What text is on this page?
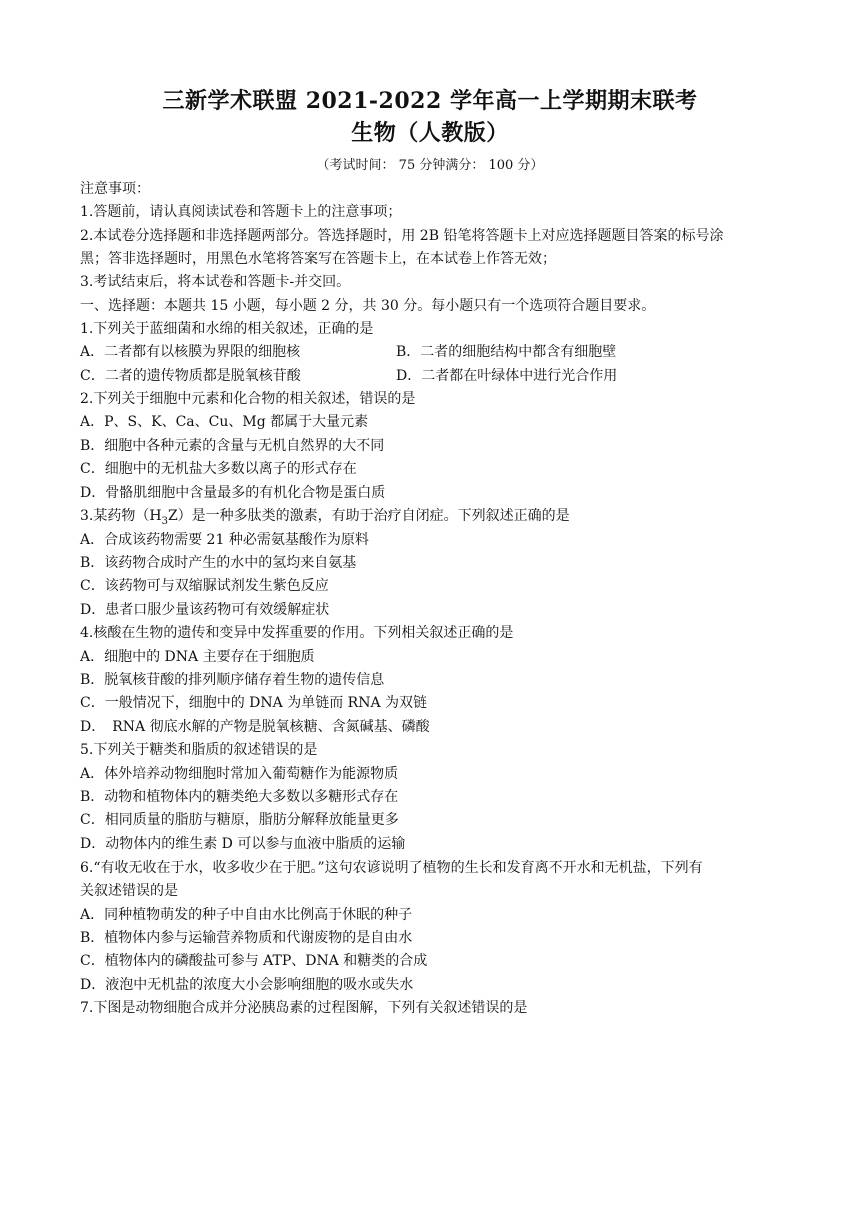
三新学术联盟 2021-2022 学年高一上学期期末联考
生物（人教版）
（考试时间： 75 分钟满分： 100 分）
注意事项：
1.答题前，请认真阅读试卷和答题卡上的注意事项；
2.本试卷分选择题和非选择题两部分。答选择题时，用 2B 铅笔将答题卡上对应选择题题目答案的标号涂
黑；答非选择题时，用黑色水笔将答案写在答题卡上，在本试卷上作答无效；
3.考试结束后，将本试卷和答题卡-并交回。
一、选择题：本题共 15 小题，每小题 2 分，共 30 分。每小题只有一个选项符合题目要求。
1.下列关于蓝细菌和水绵的相关叙述，正确的是
A．二者都有以核膜为界限的细胞核	B．二者的细胞结构中都含有细胞壁
C．二者的遗传物质都是脱氧核苷酸	D．二者都在叶绿体中进行光合作用
2.下列关于细胞中元素和化合物的相关叙述，错误的是
A．P、S、K、Ca、Cu、Mg 都属于大量元素
B．细胞中各种元素的含量与无机自然界的大不同
C．细胞中的无机盐大多数以离子的形式存在
D．骨骼肌细胞中含量最多的有机化合物是蛋白质
3.某药物$(H_3Z)$是一种多肽类的激素，有助于治疗自闭症。下列叙述正确的是
A．合成该药物需要 21 种必需氨基酸作为原料
B．该药物合成时产生的水中的氢均来自氨基
C．该药物可与双缩脲试剂发生紫色反应
D．患者口服少量该药物可有效缓解症状
4.核酸在生物的遗传和变异中发挥重要的作用。下列相关叙述正确的是
A．细胞中的 DNA 主要存在于细胞质
B．脱氧核苷酸的排列顺序储存着生物的遗传信息
C．一般情况下，细胞中的 DNA 为单链而 RNA 为双链
D．　RNA 彻底水解的产物是脱氧核糖、含氮碱基、磷酸
5.下列关于糖类和脂质的叙述错误的是
A．体外培养动物细胞时常加入葡萄糖作为能源物质
B．动物和植物体内的糖类绝大多数以多糖形式存在
C．相同质量的脂肪与糖原，脂肪分解释放能量更多
D．动物体内的维生素 D 可以参与血液中脂质的运输
6.“有收无收在于水，收多收少在于肥。”这句农谚说明了植物的生长和发育离不开水和无机盐，下列有
关叙述错误的是
A．同种植物萌发的种子中自由水比例高于休眠的种子
B．植物体内参与运输营养物质和代谢废物的是自由水
C．植物体内的磷酸盐可参与 ATP、DNA 和糖类的合成
D．液泡中无机盐的浓度大小会影响细胞的吸水或失水
7.下图是动物细胞合成并分泌胰岛素的过程图解，下列有关叙述错误的是
